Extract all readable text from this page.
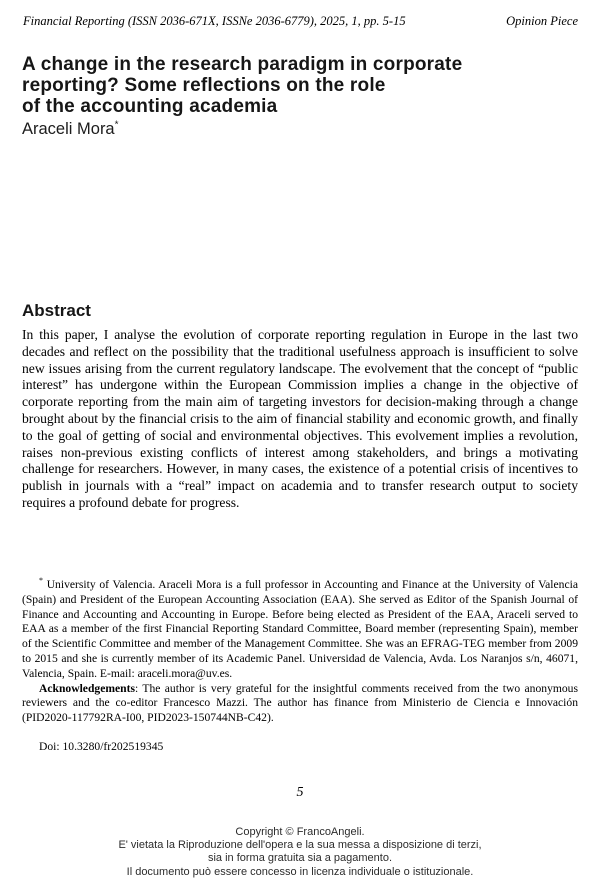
Financial Reporting (ISSN 2036-671X, ISSNe 2036-6779), 2025, 1, pp. 5-15	Opinion Piece
A change in the research paradigm in corporate
reporting? Some reflections on the role
of the accounting academia
Araceli Mora*
Abstract

In this paper, I analyse the evolution of corporate reporting regulation in Europe in the last two decades and reflect on the possibility that the traditional usefulness approach is insufficient to solve new issues arising from the current regulatory landscape. The evolvement that the concept of “public interest” has undergone within the European Commission implies a change in the objective of corporate reporting from the main aim of targeting investors for decision-making through a change brought about by the financial crisis to the aim of financial stability and economic growth, and finally to the goal of getting of social and environmental objectives. This evolvement implies a revolution, raises non-previous existing conflicts of interest among stakeholders, and brings a motivating challenge for researchers. However, in many cases, the existence of a potential crisis of incentives to publish in journals with a “real” impact on academia and to transfer research output to society requires a profound debate for progress.

* University of Valencia. Araceli Mora is a full professor in Accounting and Finance at the University of Valencia (Spain) and President of the European Accounting Association (EAA). She served as Editor of the Spanish Journal of Finance and Accounting and Accounting in Europe. Before being elected as President of the EAA, Araceli served to EAA as a member of the first Financial Reporting Standard Committee, Board member (representing Spain), member of the Scientific Committee and member of the Management Committee. She was an EFRAG-TEG member from 2009 to 2015 and she is currently member of its Academic Panel. Universidad de Valencia, Avda. Los Naranjos s/n, 46071, Valencia, Spain. E-mail: araceli.mora@uv.es.

Acknowledgements: The author is very grateful for the insightful comments received from the two anonymous reviewers and the co-editor Francesco Mazzi. The author has finance from Ministerio de Ciencia e Innovación (PID2020-117792RA-I00, PID2023-150744NB-C42).

Doi: 10.3280/fr202519345

5
Copyright © FrancoAngeli.
E' vietata la Riproduzione dell'opera e la sua messa a disposizione di terzi,
sia in forma gratuita sia a pagamento.
Il documento può essere concesso in licenza individuale o istituzionale.
